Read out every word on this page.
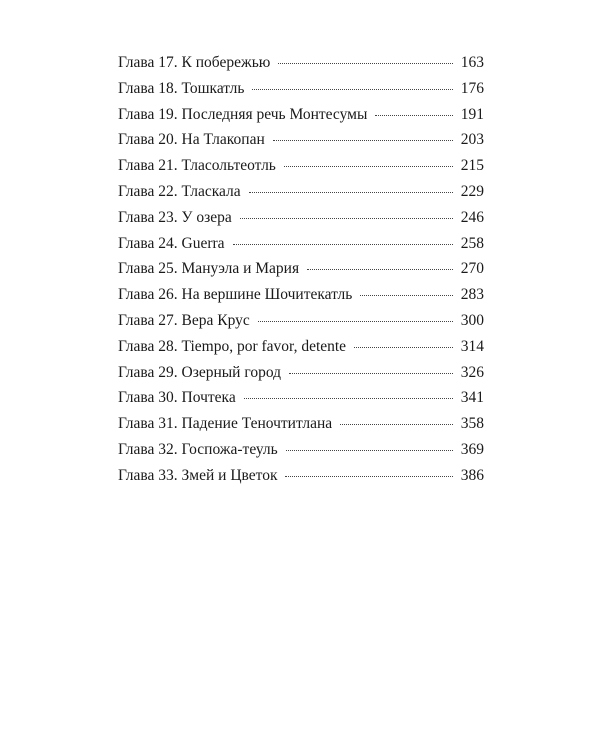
Глава 17. К побережью	163
Глава 18. Тошкатль	176
Глава 19. Последняя речь Монтесумы	191
Глава 20. На Тлакопан	203
Глава 21. Тласольтеотль	215
Глава 22. Тласкала	229
Глава 23. У озера	246
Глава 24. Guerra	258
Глава 25. Мануэла и Мария	270
Глава 26. На вершине Шочитекатль	283
Глава 27. Вера Крус	300
Глава 28. Tiempo, por favor, detente	314
Глава 29. Озерный город	326
Глава 30. Почтека	341
Глава 31. Падение Теночтитлана	358
Глава 32. Госпожа-теуль	369
Глава 33. Змей и Цветок	386
